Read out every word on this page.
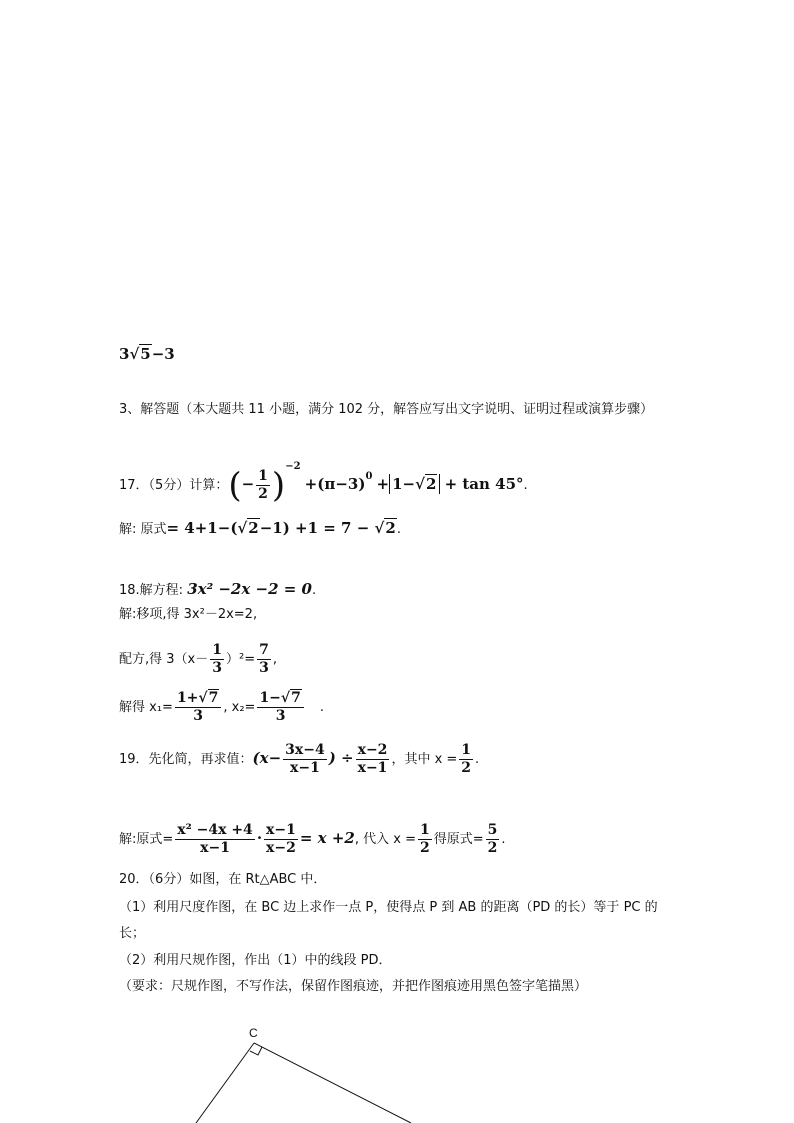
3√5−3
3、解答题（本大题共 11 小题，满分 102 分，解答应写出文字说明、证明过程或演算步骤）
17．（5分）计算：(− $\frac{1}{2} )^{-2} +(\pi-3)^0 + 1-√2 + \tan 45^\circ$.
解: 原式= 4+1−(√2−1) +1 = 7 − √2.
18.解方程: 3x² −2x −2 = 0.
解:移项,得 3x²－2x=2,
配方,得 $3(x- \frac{1}{3} )^2= \frac{7}{3}$ ,
解得 $x_1= \frac{1+√7}{3}$ , $x_2= \frac{1-√7}{3}$ .
19．先化简，再求值：($x- \frac{3x-4}{x-1}$ ) ÷ $\frac{x-2}{x-1}$ ，其中 $x = \frac{1}{2}$ .
解:原式= $\frac{\text{x² −4x +4}}{x-1} \cdot \frac{x-1}{x-2} = x +2$, 代入 $x = \frac{1}{2}$ 得原式= $\frac{5}{2}$ .
20．（6分）如图，在 Rt△ABC 中．
（1）利用尺度作图，在 BC 边上求作一点 P，使得点 P 到 AB 的距离（PD 的长）等于 PC 的
长；
（2）利用尺规作图，作出（1）中的线段 PD．
（要求：尺规作图，不写作法，保留作图痕迹，并把作图痕迹用黑色签字笔描黑）
C
